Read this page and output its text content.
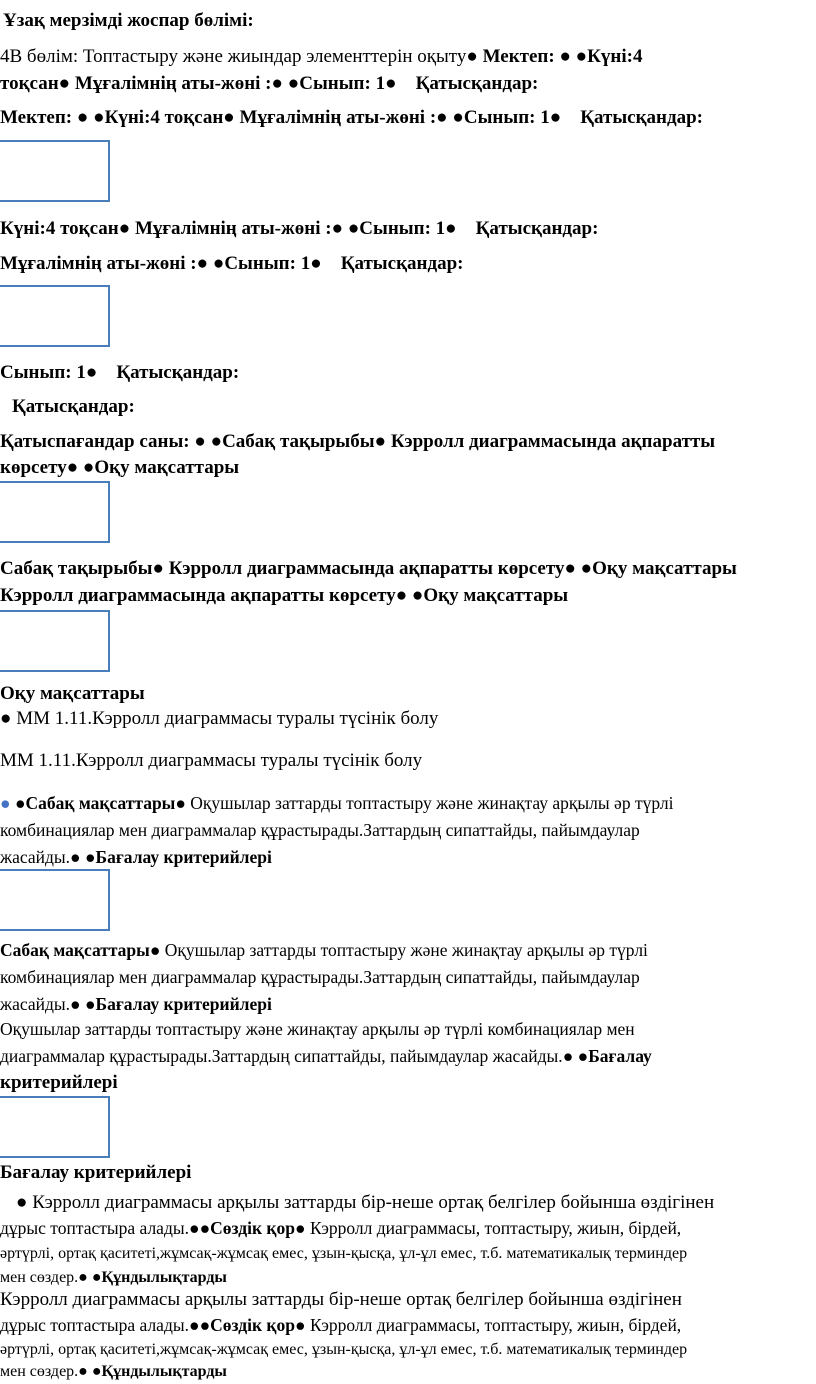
Ұзақ мерзімді жоспар бөлімі:
4В бөлім: Топтастыру және жиындар элементтерін оқыту● Мектеп: ● ●Күні:4
тоқсан● Мұғалімнің аты-жөні :● ●Сынып: 1● Қатысқандар:
Мектеп: ● ●Күні:4 тоқсан● Мұғалімнің аты-жөні :● ●Сынып: 1● Қатысқандар:
Күні:4 тоқсан● Мұғалімнің аты-жөні :● ●Сынып: 1● Қатысқандар:
Мұғалімнің аты-жөні :● ●Сынып: 1● Қатысқандар:
Сынып: 1● Қатысқандар:
Қатысқандар:
Қатыспағандар саны: ● ●Сабақ тақырыбы● Кэрролл диаграммасында ақпаратты
көрсету● ●Оқу мақсаттары
Сабақ тақырыбы● Кэрролл диаграммасында ақпаратты көрсету● ●Оқу мақсаттары
Кэрролл диаграммасында ақпаратты көрсету● ●Оқу мақсаттары
Оқу мақсаттары
● ММ 1.11.Кэрролл диаграммасы туралы түсінік болу
ММ 1.11.Кэрролл диаграммасы туралы түсінік болу
● ●Сабақ мақсаттары● Оқушылар заттарды топтастыру және жинақтау арқылы әр түрлі
комбинациялар мен диаграммалар құрастырады.Заттардың сипаттайды, пайымдаулар
жасайды.● ●Бағалау критерийлері
Сабақ мақсаттары● Оқушылар заттарды топтастыру және жинақтау арқылы әр түрлі
комбинациялар мен диаграммалар құрастырады.Заттардың сипаттайды, пайымдаулар
жасайды.● ●Бағалау критерийлері
Оқушылар заттарды топтастыру және жинақтау арқылы әр түрлі комбинациялар мен
диаграммалар құрастырады.Заттардың сипаттайды, пайымдаулар жасайды.● ●Бағалау
критерийлері
Бағалау критерийлері
● Кэрролл диаграммасы арқылы заттарды бір-неше ортақ белгілер бойынша өздігінен
дұрыс топтастыра алады.●●Сөздік қор● Кэрролл диаграммасы, топтастыру, жиын, бірдей,
әртүрлі, ортақ қаситеті,жұмсақ-жұмсақ емес, ұзын-қысқа, ұл-ұл емес, т.б. математикалық терминдер
мен сөздер.● ●Құндылықтарды
Кэрролл диаграммасы арқылы заттарды бір-неше ортақ белгілер бойынша өздігінен
дұрыс топтастыра алады.●●Сөздік қор● Кэрролл диаграммасы, топтастыру, жиын, бірдей,
әртүрлі, ортақ қаситеті,жұмсақ-жұмсақ емес, ұзын-қысқа, ұл-ұл емес, т.б. математикалық терминдер
мен сөздер.● ●Құндылықтарды
